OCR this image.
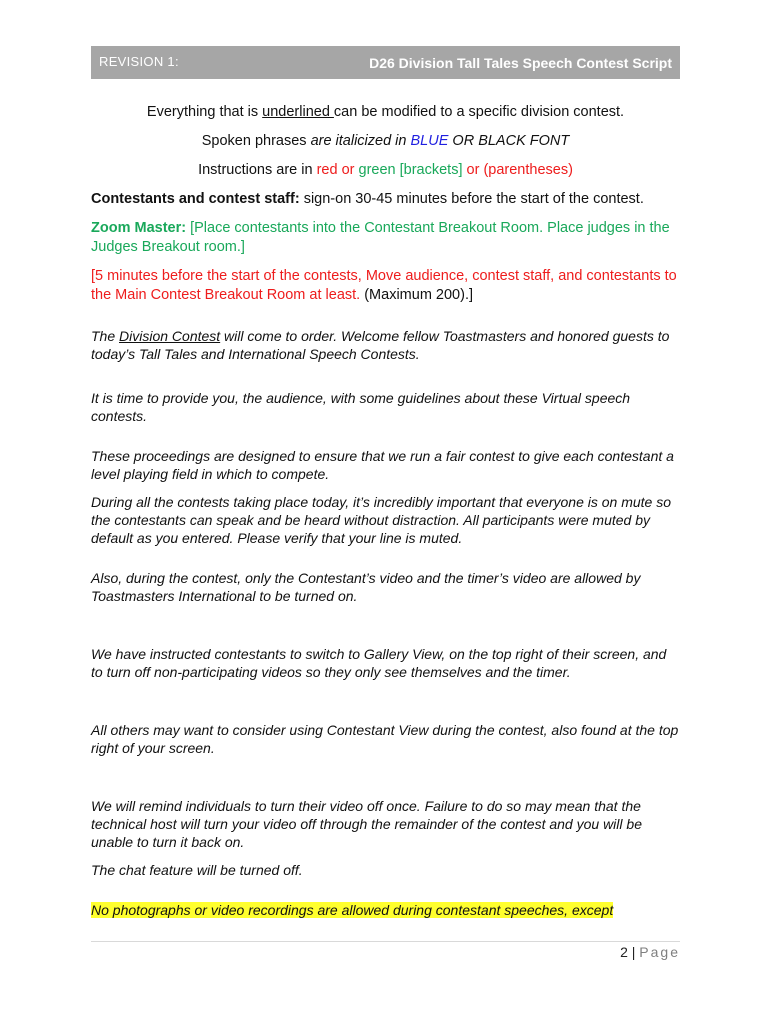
REVISION 1:	D26 Division Tall Tales Speech Contest Script
Everything that is underlined can be modified to a specific division contest.
Spoken phrases are italicized in BLUE OR BLACK FONT
Instructions are in red or green [brackets] or (parentheses)

Contestants and contest staff: sign-on 30-45 minutes before the start of the contest.

Zoom Master: [Place contestants into the Contestant Breakout Room. Place judges in the Judges Breakout room.]

[5 minutes before the start of the contests, Move audience, contest staff, and contestants to the Main Contest Breakout Room at least. (Maximum 200).]

The Division Contest will come to order. Welcome fellow Toastmasters and honored guests to today’s Tall Tales and International Speech Contests.

It is time to provide you, the audience, with some guidelines about these Virtual speech contests.

These proceedings are designed to ensure that we run a fair contest to give each contestant a level playing field in which to compete.

During all the contests taking place today, it’s incredibly important that everyone is on mute so the contestants can speak and be heard without distraction. All participants were muted by default as you entered. Please verify that your line is muted.

Also, during the contest, only the Contestant’s video and the timer’s video are allowed by Toastmasters International to be turned on.

We have instructed contestants to switch to Gallery View, on the top right of their screen, and to turn off non-participating videos so they only see themselves and the timer.

All others may want to consider using Contestant View during the contest, also found at the top right of your screen.

We will remind individuals to turn their video off once. Failure to do so may mean that the technical host will turn your video off through the remainder of the contest and you will be unable to turn it back on.

The chat feature will be turned off.

No photographs or video recordings are allowed during contestant speeches, except

2 | Page
